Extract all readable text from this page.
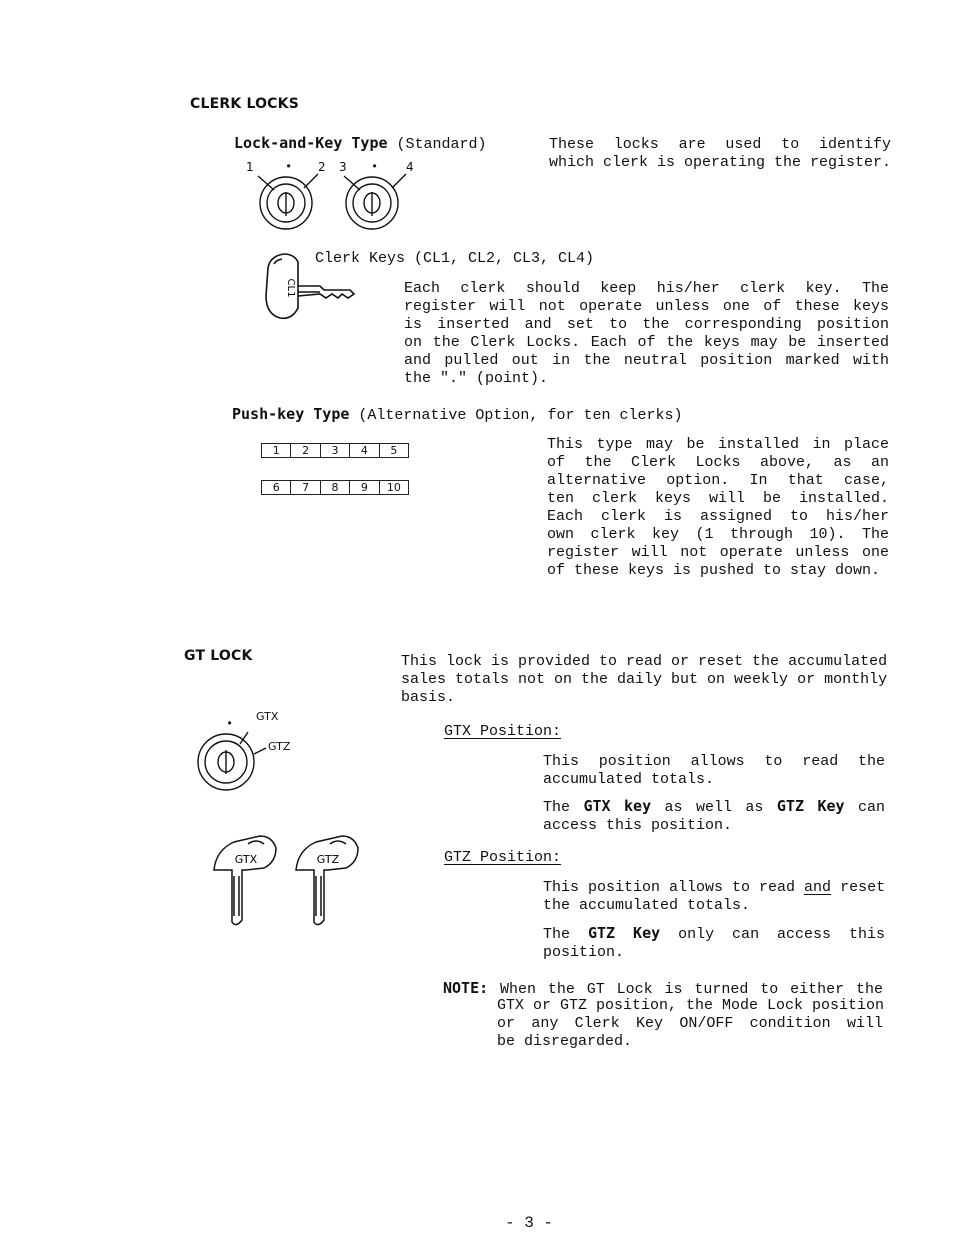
CLERK LOCKS
Lock-and-Key Type (Standard)
1	• 2 3 • 4
These locks are used to identify
which clerk is operating the register.
CL1
Clerk Keys (CL1, CL2, CL3, CL4)
Each clerk should keep his/her clerk key. The
register will not operate unless one of these keys
is inserted and set to the corresponding position
on the Clerk Locks. Each of the keys may be inserted
and pulled out in the neutral position marked with
the "." (point).
Push-key Type (Alternative Option, for ten clerks)
1	2	3	4	5
6	7	8	9	10
This type may be installed in place
of the Clerk Locks above, as an
alternative option. In that case,
ten clerk keys will be installed.
Each clerk is assigned to his/her
own clerk key (1 through 10). The
register will not operate unless one
of these keys is pushed to stay down.
GT LOCK	This lock is provided to read or reset the accumulated
sales totals not on the daily but on weekly or monthly
basis.
•
GTX
GTZ
GTX	GTZ
GTX Position:
This position allows to read the
accumulated totals.
The GTX key as well as GTZ Key can
access this position.
GTZ Position:
This position allows to read and reset
the accumulated totals.
The GTZ Key only can access this
position.
NOTE: When the GT Lock is turned to either the
GTX or GTZ position, the Mode Lock position
or any Clerk Key ON/OFF condition will
be disregarded.
- 3 -
